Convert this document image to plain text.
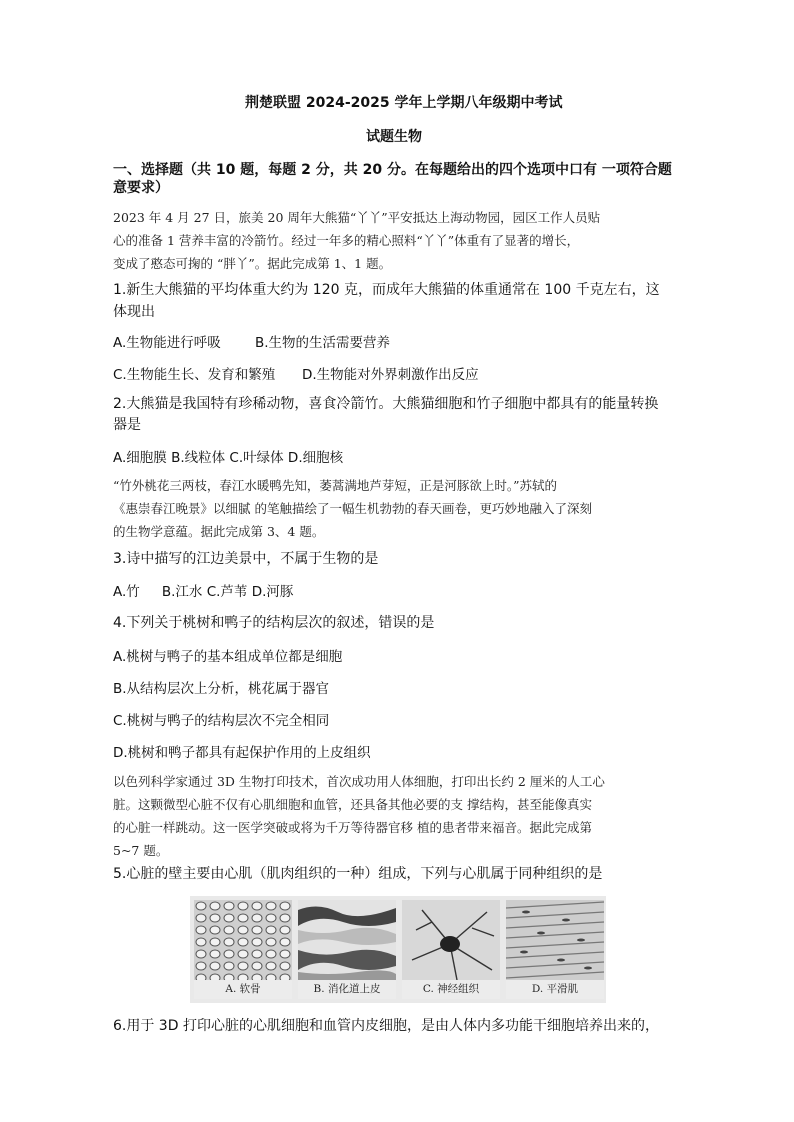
荆楚联盟 2024-2025 学年上学期八年级期中考试
试题生物
一、选择题（共 10 题，每题 2 分，共 20 分。在每题给出的四个选项中口有 一项符合题
意要求）
2023 年 4 月 27 日，旅美 20 周年大熊猫“丫丫”平安抵达上海动物园，园区工作人员贴
心的准备 1 营养丰富的冷箭竹。经过一年多的精心照料“丫丫”体重有了显著的增长，
变成了憨态可掬的 “胖丫”。据此完成第 1、1 题。
1.新生大熊猫的平均体重大约为 120 克，而成年大熊猫的体重通常在 100 千克左右，这
体现出
A.生物能进行呼吸	B.生物的生活需要营养
C.生物能生长、发育和繁殖 D.生物能对外界刺激作出反应
2.大熊猫是我国特有珍稀动物，喜食冷箭竹。大熊猫细胞和竹子细胞中都具有的能量转换
器是
A.细胞膜 B.线粒体 C.叶绿体 D.细胞核
“竹外桃花三两枝，春江水暖鸭先知，萎蒿满地芦芽短，正是河豚欲上时。”苏轼的
《惠崇春江晚景》以细腻 的笔触描绘了一幅生机勃勃的春天画卷，更巧妙地融入了深刻
的生物学意蕴。据此完成第 3、4 题。
3.诗中描写的江边美景中，不属于生物的是
A.竹 　 B.江水 C.芦苇 D.河豚
4.下列关于桃树和鸭子的结构层次的叙述，错误的是
A.桃树与鸭子的基本组成单位都是细胞
B.从结构层次上分析，桃花属于器官
C.桃树与鸭子的结构层次不完全相同
D.桃树和鸭子都具有起保护作用的上皮组织
以色列科学家通过 3D 生物打印技术，首次成功用人体细胞，打印出长约 2 厘米的人工心
脏。这颗微型心脏不仅有心肌细胞和血管，还具备其他必要的支 撑结构，甚至能像真实
的心脏一样跳动。这一医学突破或将为千万等待器官移 植的患者带来福音。据此完成第
5~7 题。
5.心脏的壁主要由心肌（肌肉组织的一种）组成，下列与心肌属于同种组织的是
A. 软骨	B. 消化道上皮	C. 神经组织	D. 平滑肌
6.用于 3D 打印心脏的心肌细胞和血管内皮细胞，是由人体内多功能干细胞培养出来的，
